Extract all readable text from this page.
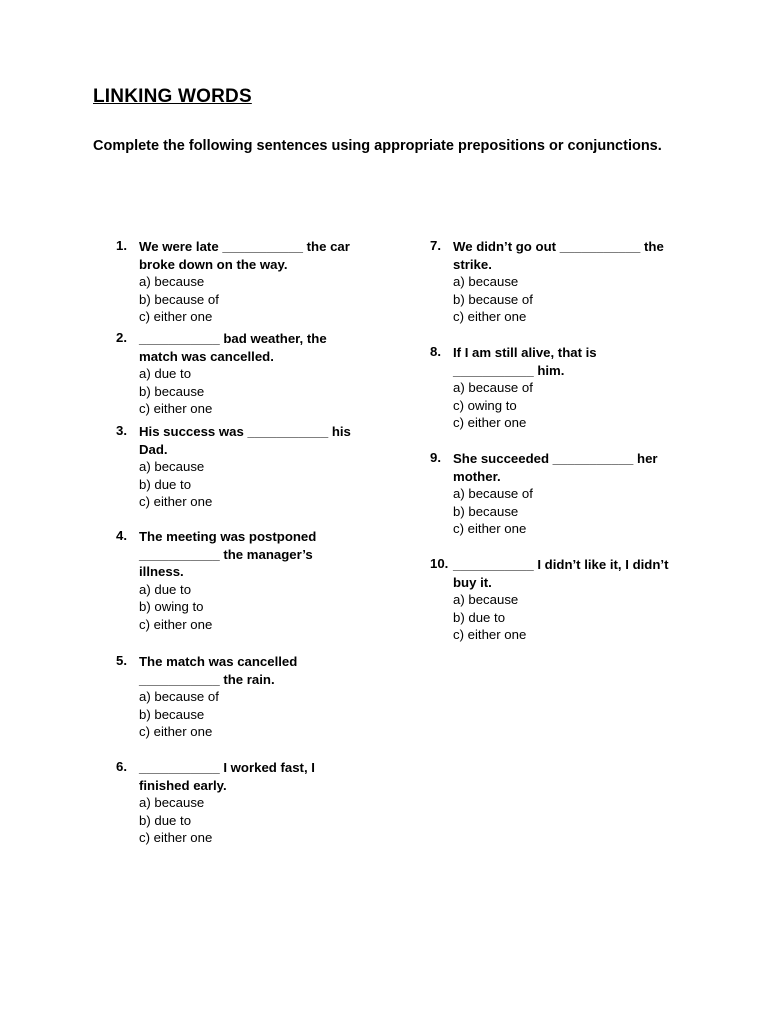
LINKING WORDS

Complete the following sentences using appropriate prepositions or conjunctions.

1. We were late ___________ the car broke down on the way.
a) because
b) because of
c) either one
2. ___________ bad weather, the match was cancelled.
a) due to
b) because
c) either one
3. His success was ___________ his Dad.
a) because
b) due to
c) either one
4. The meeting was postponed ___________ the manager’s illness.
a) due to
b) owing to
c) either one
5. The match was cancelled ___________ the rain.
a) because of
b) because
c) either one
6. ___________ I worked fast, I finished early.
a) because
b) due to
c) either one
7. We didn’t go out ___________ the strike.
a) because
b) because of
c) either one
8. If I am still alive, that is ___________ him.
a) because of
c) owing to
c) either one
9. She succeeded ___________ her mother.
a) because of
b) because
c) either one
10. ___________ I didn’t like it, I didn’t buy it.
a) because
b) due to
c) either one
